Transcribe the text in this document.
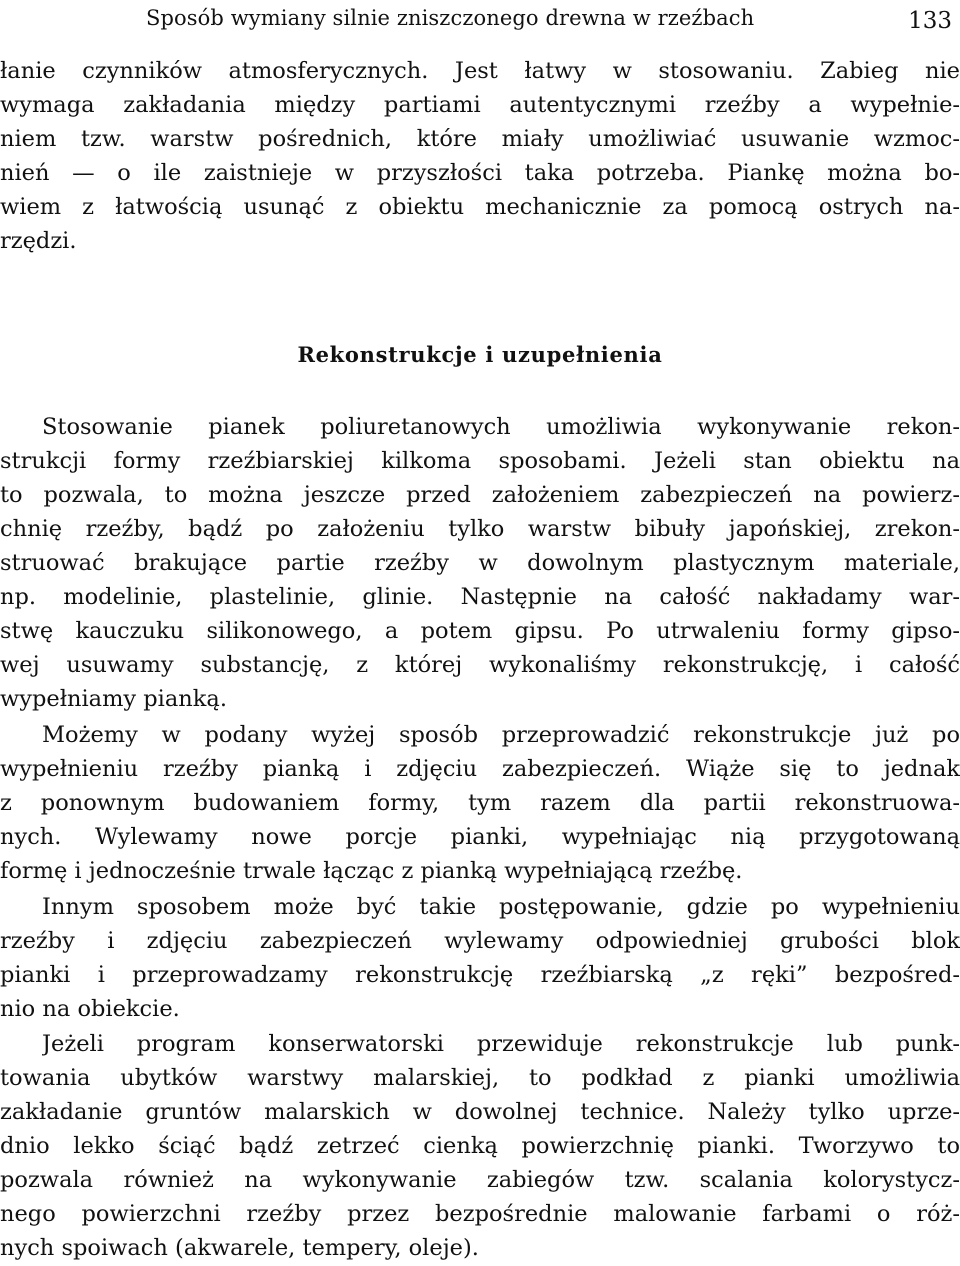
Sposób wymiany silnie zniszczonego drewna w rzeźbach	133
łanie czynników atmosferycznych. Jest łatwy w stosowaniu. Zabieg nie
wymaga zakładania między partiami autentycznymi rzeźby a wypełnie-
niem tzw. warstw pośrednich, które miały umożliwiać usuwanie wzmoc-
nień — o ile zaistnieje w przyszłości taka potrzeba. Piankę można bo-
wiem z łatwością usunąć z obiektu mechanicznie za pomocą ostrych na-
rzędzi.
Rekonstrukcje i uzupełnienia
Stosowanie pianek poliuretanowych umożliwia wykonywanie rekon-
strukcji formy rzeźbiarskiej kilkoma sposobami. Jeżeli stan obiektu na
to pozwala, to można jeszcze przed założeniem zabezpieczeń na powierz-
chnię rzeźby, bądź po założeniu tylko warstw bibuły japońskiej, zrekon-
struować brakujące partie rzeźby w dowolnym plastycznym materiale,
np. modelinie, plastelinie, glinie. Następnie na całość nakładamy war-
stwę kauczuku silikonowego, a potem gipsu. Po utrwaleniu formy gipso-
wej usuwamy substancję, z której wykonaliśmy rekonstrukcję, i całość
wypełniamy pianką.
Możemy w podany wyżej sposób przeprowadzić rekonstrukcje już po
wypełnieniu rzeźby pianką i zdjęciu zabezpieczeń. Wiąże się to jednak
z ponownym budowaniem formy, tym razem dla partii rekonstruowa-
nych. Wylewamy nowe porcje pianki, wypełniając nią przygotowaną
formę i jednocześnie trwale łącząc z pianką wypełniającą rzeźbę.
Innym sposobem może być takie postępowanie, gdzie po wypełnieniu
rzeźby i zdjęciu zabezpieczeń wylewamy odpowiedniej grubości blok
pianki i przeprowadzamy rekonstrukcję rzeźbiarską „z ręki” bezpośred-
nio na obiekcie.
Jeżeli program konserwatorski przewiduje rekonstrukcje lub punk-
towania ubytków warstwy malarskiej, to podkład z pianki umożliwia
zakładanie gruntów malarskich w dowolnej technice. Należy tylko uprze-
dnio lekko ściąć bądź zetrzeć cienką powierzchnię pianki. Tworzywo to
pozwala również na wykonywanie zabiegów tzw. scalania kolorystycz-
nego powierzchni rzeźby przez bezpośrednie malowanie farbami o róż-
nych spoiwach (akwarele, tempery, oleje).
